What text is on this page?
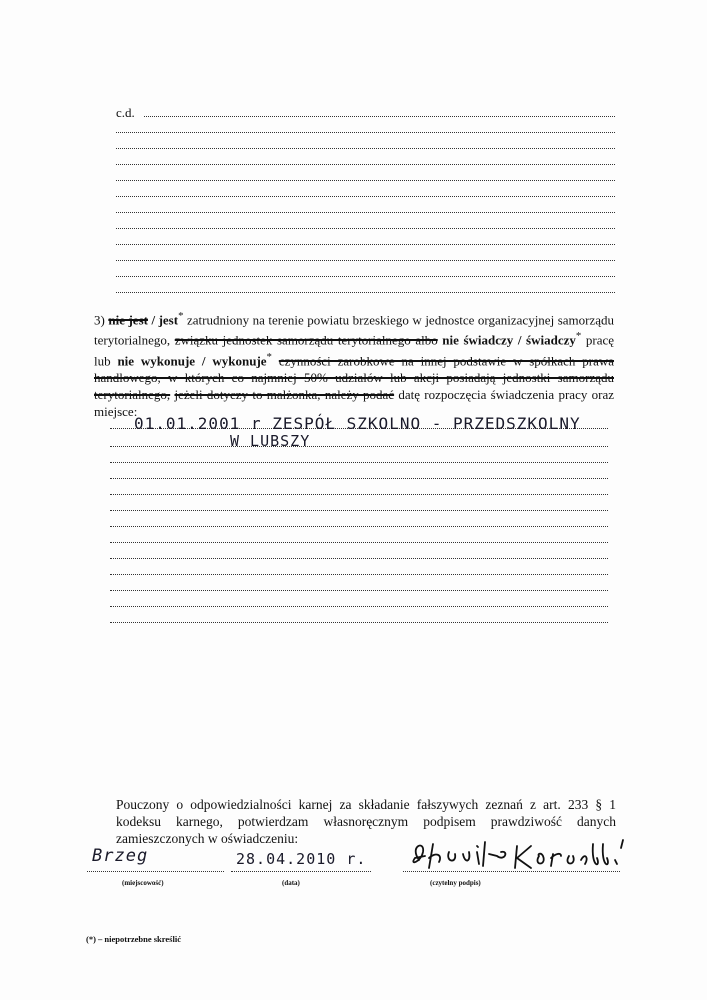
c.d.
3) nie jest / jest* zatrudniony na terenie powiatu brzeskiego w jednostce organizacyjnej samorządu terytorialnego, związku jednostek samorządu terytorialnego albo nie świadczy / świadczy* pracę lub nie wykonuje / wykonuje* czynności zarobkowe na innej podstawie w spółkach prawa handlowego, w których co najmniej 50% udziałów lub akcji posiadają jednostki samorządu terytorialnego, jeżeli dotyczy to małżonka, należy podać datę rozpoczęcia świadczenia pracy oraz miejsce:
01.01.2001 r ZESPÓŁ SZKOLNO - PRZEDSZKOLNY
W LUBSZY
Pouczony o odpowiedzialności karnej za składanie fałszywych zeznań z art. 233 § 1 kodeksu karnego, potwierdzam własnoręcznym podpisem prawdziwość danych zamieszczonych w oświadczeniu:
Brzeg	28.04.2010 r.
(miejscowość)	(data)	(czytelny podpis)
(*) – niepotrzebne skreślić
